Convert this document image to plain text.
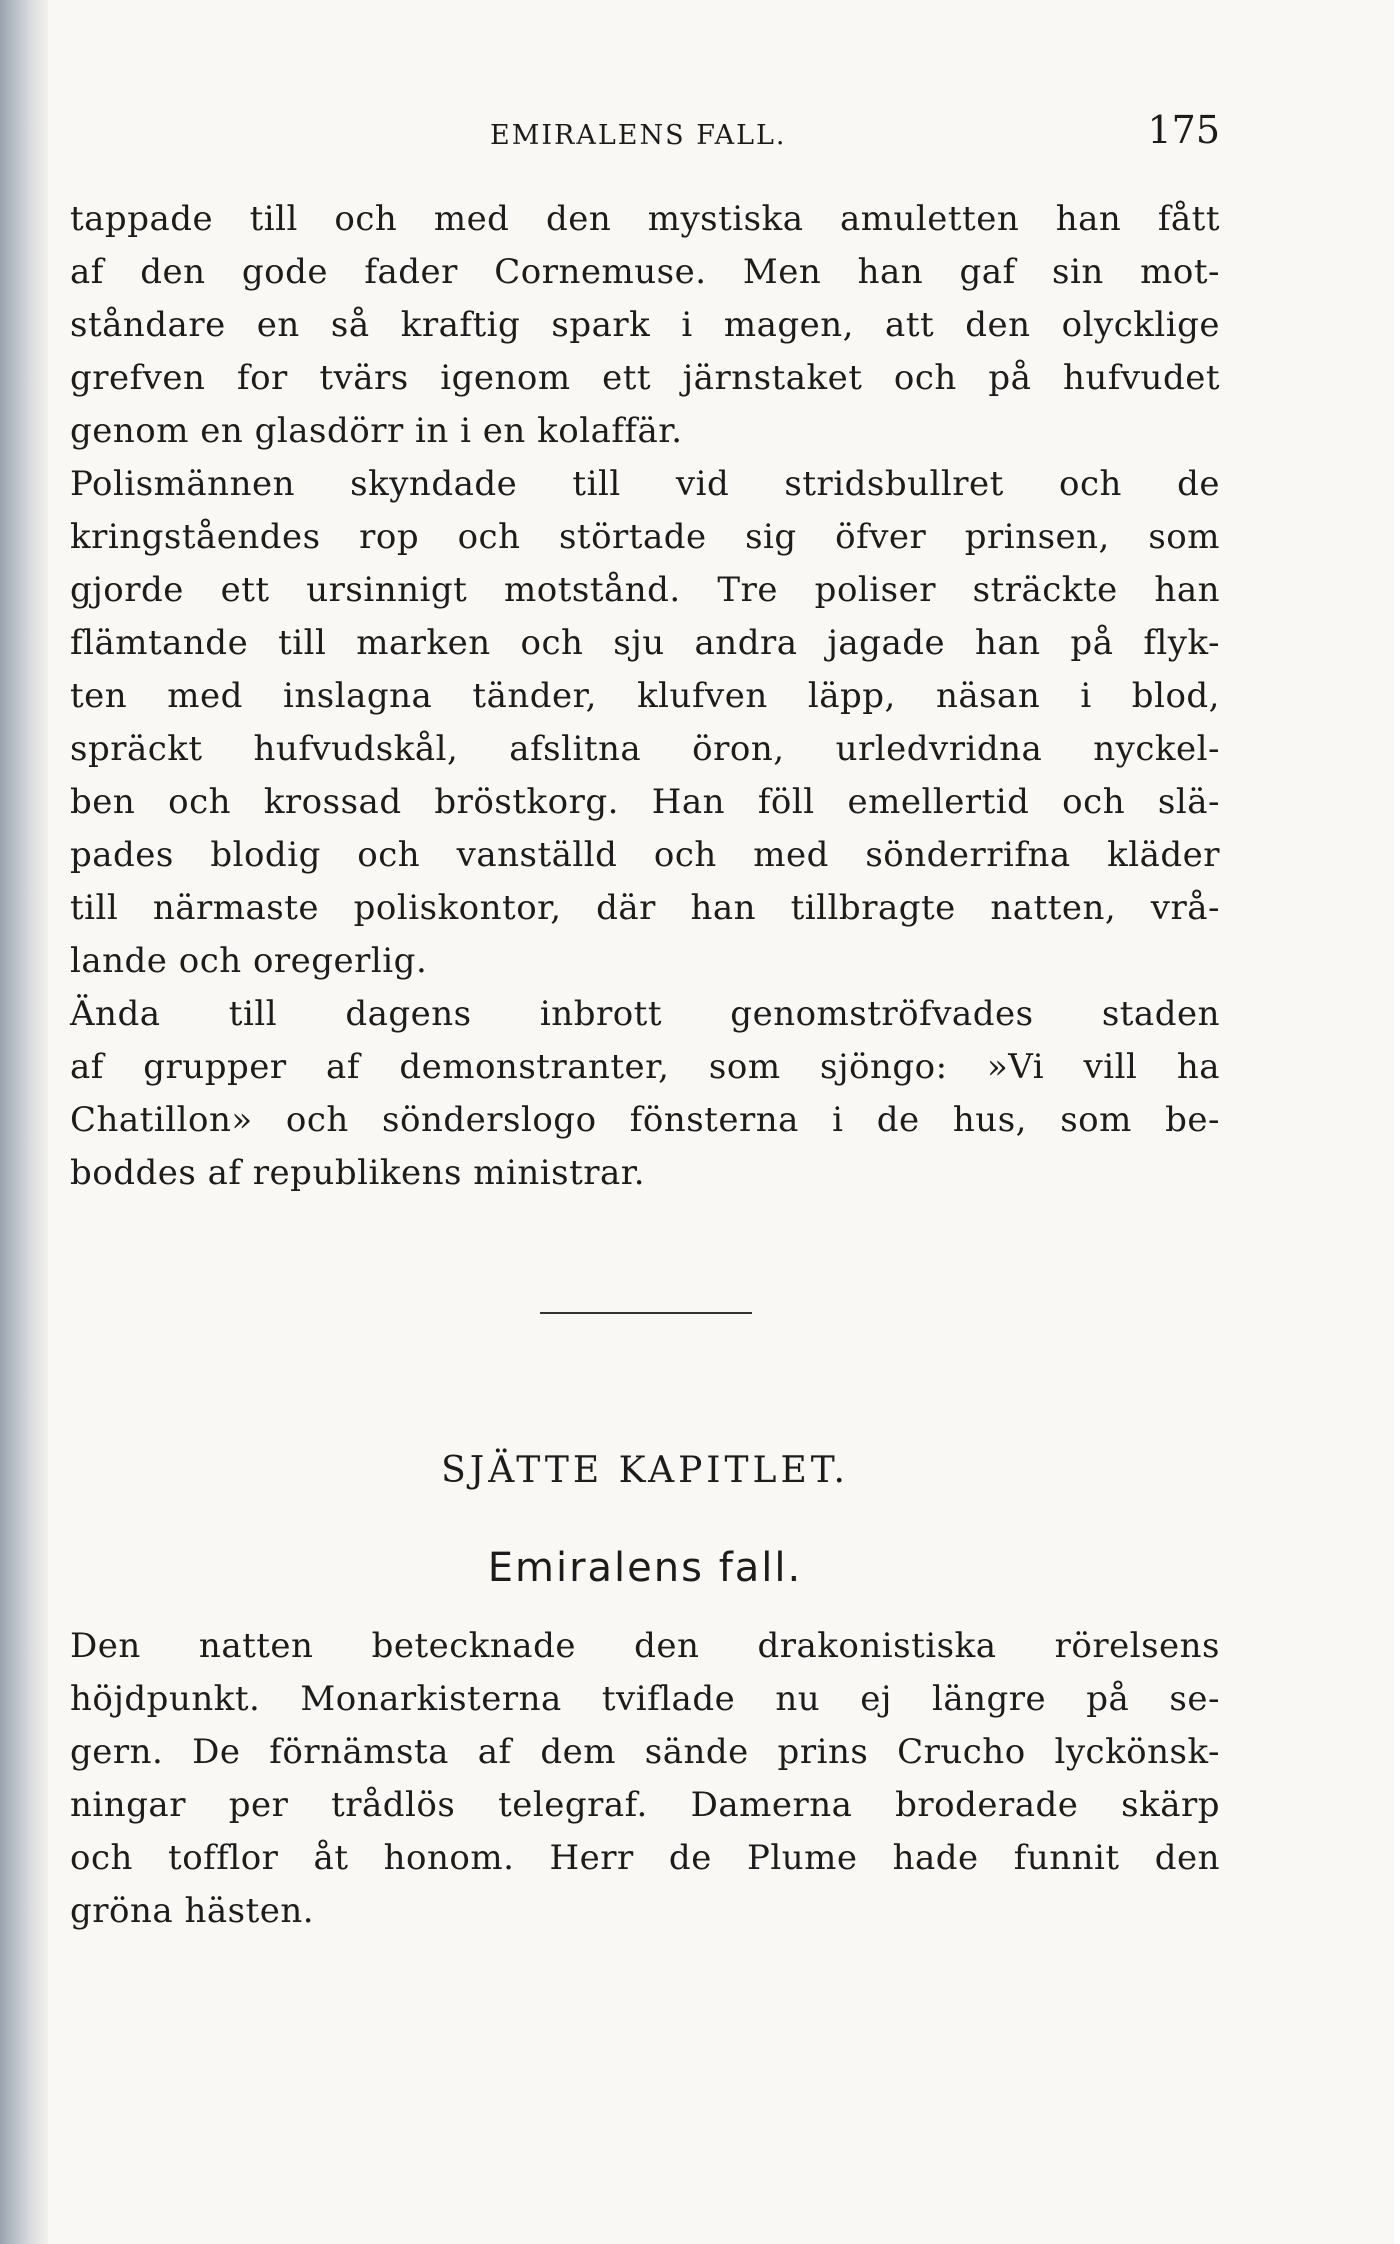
EMIRALENS FALL.	175
tappade till och med den mystiska amuletten han fått
af den gode fader Cornemuse. Men han gaf sin mot-
ståndare en så kraftig spark i magen, att den olycklige
grefven for tvärs igenom ett järnstaket och på hufvudet
genom en glasdörr in i en kolaffär.
Polismännen skyndade till vid stridsbullret och de
kringståendes rop och störtade sig öfver prinsen, som
gjorde ett ursinnigt motstånd. Tre poliser sträckte han
flämtande till marken och sju andra jagade han på flyk-
ten med inslagna tänder, klufven läpp, näsan i blod,
spräckt hufvudskål, afslitna öron, urledvridna nyckel-
ben och krossad bröstkorg. Han föll emellertid och slä-
pades blodig och vanställd och med sönderrifna kläder
till närmaste poliskontor, där han tillbragte natten, vrå-
lande och oregerlig.
Ända till dagens inbrott genomströfvades staden
af grupper af demonstranter, som sjöngo: »Vi vill ha
Chatillon» och sönderslogo fönsterna i de hus, som be-
boddes af republikens ministrar.
SJÄTTE KAPITLET.
Emiralens fall.
Den natten betecknade den drakonistiska rörelsens
höjdpunkt. Monarkisterna tviflade nu ej längre på se-
gern. De förnämsta af dem sände prins Crucho lyckönsk-
ningar per trådlös telegraf. Damerna broderade skärp
och tofflor åt honom. Herr de Plume hade funnit den
gröna hästen.
